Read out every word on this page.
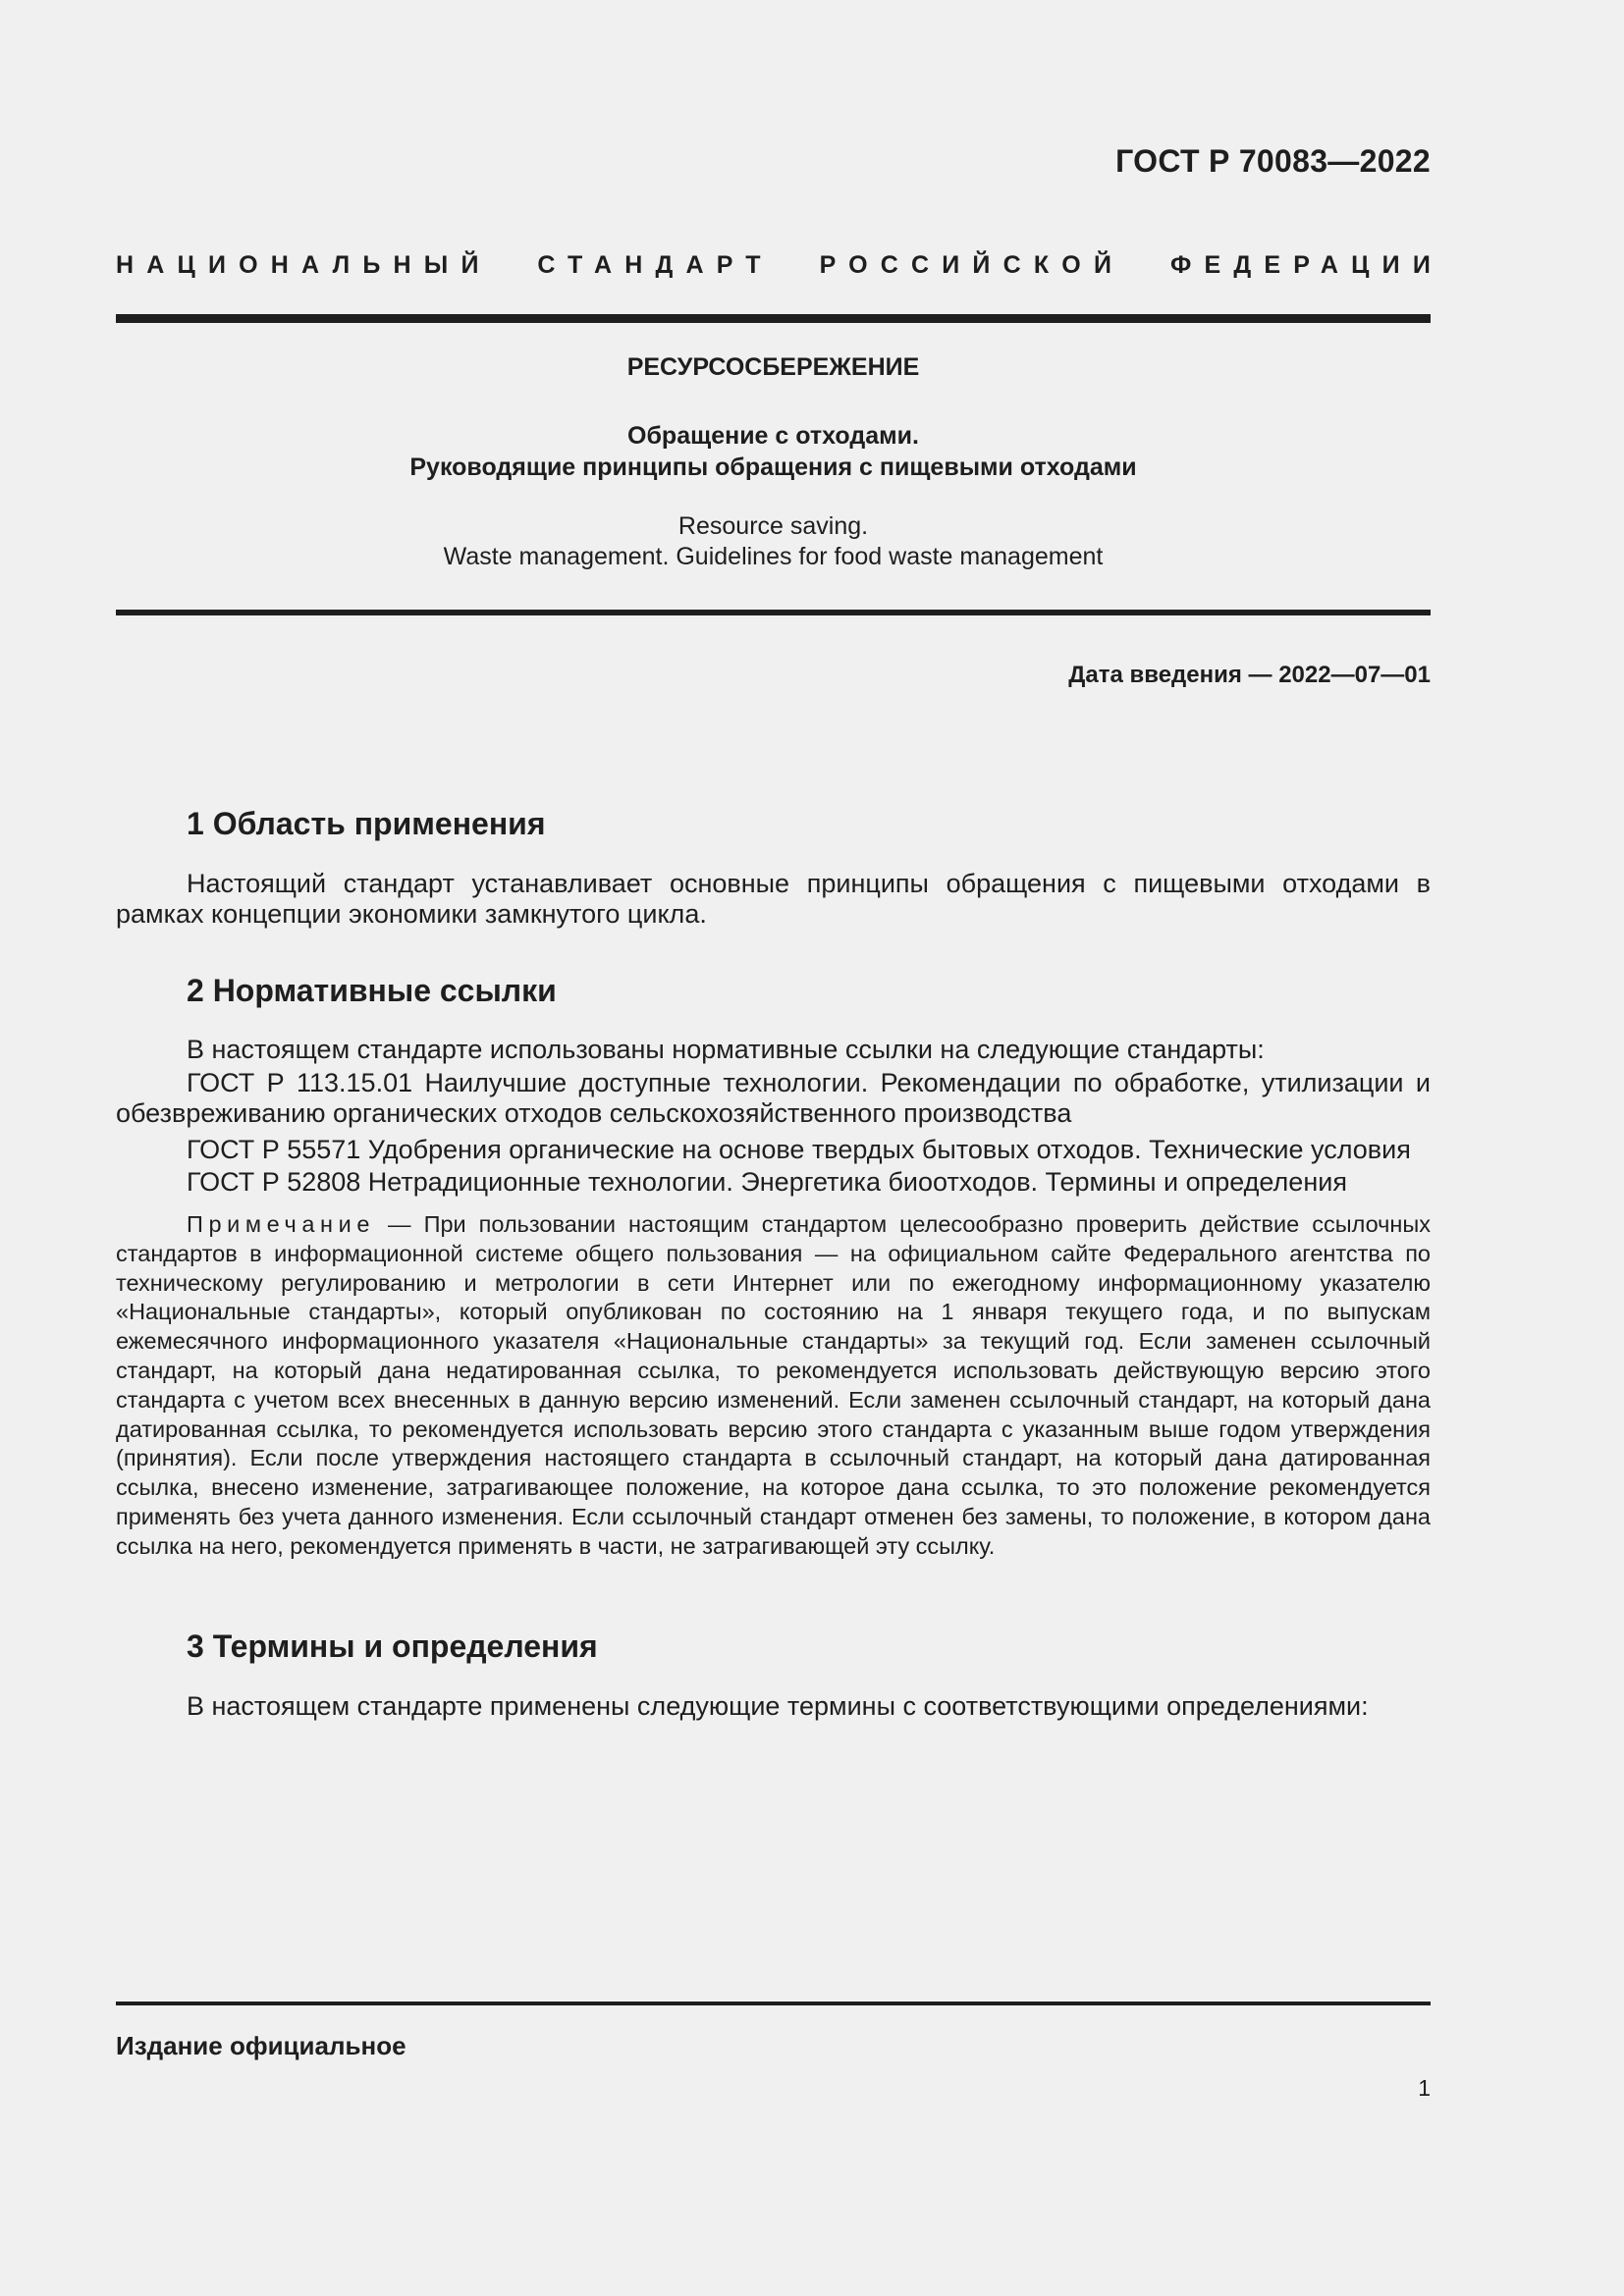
ГОСТ Р 70083—2022
НАЦИОНАЛЬНЫЙ СТАНДАРТ РОССИЙСКОЙ ФЕДЕРАЦИИ
РЕСУРСОСБЕРЕЖЕНИЕ
Обращение с отходами.
Руководящие принципы обращения с пищевыми отходами
Resource saving.
Waste management. Guidelines for food waste management
Дата введения — 2022—07—01
1 Область применения

Настоящий стандарт устанавливает основные принципы обращения с пищевыми отходами в рамках концепции экономики замкнутого цикла.

2 Нормативные ссылки

В настоящем стандарте использованы нормативные ссылки на следующие стандарты:

ГОСТ Р 113.15.01 Наилучшие доступные технологии. Рекомендации по обработке, утилизации и обезвреживанию органических отходов сельскохозяйственного производства

ГОСТ Р 55571 Удобрения органические на основе твердых бытовых отходов. Технические условия

ГОСТ Р 52808 Нетрадиционные технологии. Энергетика биоотходов. Термины и определения

Примечание — При пользовании настоящим стандартом целесообразно проверить действие ссылочных стандартов в информационной системе общего пользования — на официальном сайте Федерального агентства по техническому регулированию и метрологии в сети Интернет или по ежегодному информационному указателю «Национальные стандарты», который опубликован по состоянию на 1 января текущего года, и по выпускам ежемесячного информационного указателя «Национальные стандарты» за текущий год. Если заменен ссылочный стандарт, на который дана недатированная ссылка, то рекомендуется использовать действующую версию этого стандарта с учетом всех внесенных в данную версию изменений. Если заменен ссылочный стандарт, на который дана датированная ссылка, то рекомендуется использовать версию этого стандарта с указанным выше годом утверждения (принятия). Если после утверждения настоящего стандарта в ссылочный стандарт, на который дана датированная ссылка, внесено изменение, затрагивающее положение, на которое дана ссылка, то это положение рекомендуется применять без учета данного изменения. Если ссылочный стандарт отменен без замены, то положение, в котором дана ссылка на него, рекомендуется применять в части, не затрагивающей эту ссылку.

3 Термины и определения

В настоящем стандарте применены следующие термины с соответствующими определениями:

Издание официальное
1
